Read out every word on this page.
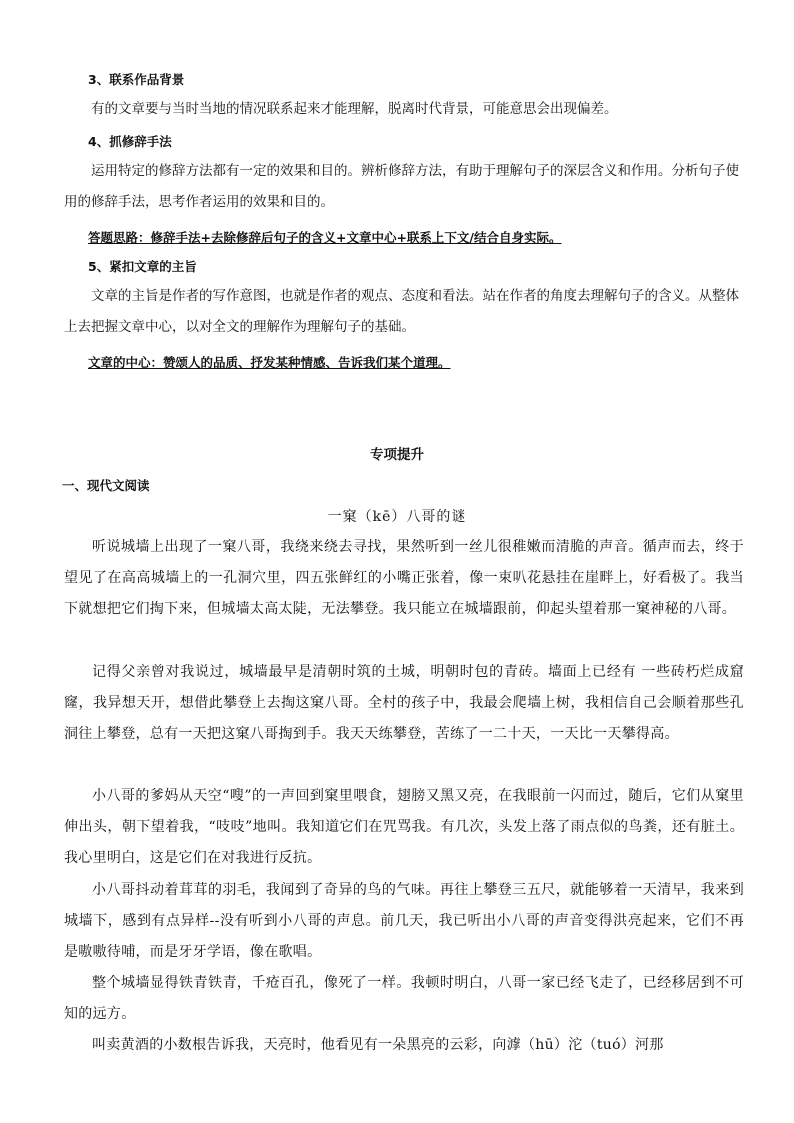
3、联系作品背景

有的文章要与当时当地的情况联系起来才能理解，脱离时代背景，可能意思会出现偏差。

4、抓修辞手法

运用特定的修辞方法都有一定的效果和目的。辨析修辞方法，有助于理解句子的深层含义和作用。分析句子使用的修辞手法，思考作者运用的效果和目的。

答题思路：修辞手法+去除修辞后句子的含义+文章中心+联系上下文/结合自身实际。
5、紧扣文章的主旨

文章的主旨是作者的写作意图，也就是作者的观点、态度和看法。站在作者的角度去理解句子的含义。从整体上去把握文章中心，以对全文的理解作为理解句子的基础。

文章的中心：赞颂人的品质、抒发某种情感、告诉我们某个道理。
专项提升
一、现代文阅读
一窠（kē）八哥的谜

听说城墙上出现了一窠八哥，我绕来绕去寻找，果然听到一丝儿很稚嫩而清脆的声音。循声而去，终于望见了在高高城墙上的一孔洞穴里，四五张鲜红的小嘴正张着，像一束叭花悬挂在崖畔上，好看极了。我当下就想把它们掏下来，但城墙太高太陡，无法攀登。我只能立在城墙跟前，仰起头望着那一窠神秘的八哥。

记得父亲曾对我说过，城墙最早是清朝时筑的土城，明朝时包的青砖。墙面上已经有 一些砖朽烂成窟窿，我异想天开，想借此攀登上去掏这窠八哥。全村的孩子中，我最会爬墙上树，我相信自己会顺着那些孔洞往上攀登，总有一天把这窠八哥掏到手。我天天练攀登，苦练了一二十天，一天比一天攀得高。

小八哥的爹妈从天空“嗖”的一声回到窠里喂食，翅膀又黑又亮，在我眼前一闪而过，随后，它们从窠里伸出头，朝下望着我，“吱吱”地叫。我知道它们在咒骂我。有几次，头发上落了雨点似的鸟粪，还有脏土。我心里明白，这是它们在对我进行反抗。

小八哥抖动着茸茸的羽毛，我闻到了奇异的鸟的气味。再往上攀登三五尺，就能够着一天清早，我来到城墙下，感到有点异样--没有听到小八哥的声息。前几天，我已听出小八哥的声音变得洪亮起来，它们不再是嗷嗷待哺，而是牙牙学语，像在歌唱。

整个城墙显得铁青铁青，千疮百孔，像死了一样。我顿时明白，八哥一家已经飞走了，已经移居到不可知的远方。

叫卖黄酒的小数根告诉我，天亮时，他看见有一朵黑亮的云彩，向滹（hū）沱（tuó）河那
